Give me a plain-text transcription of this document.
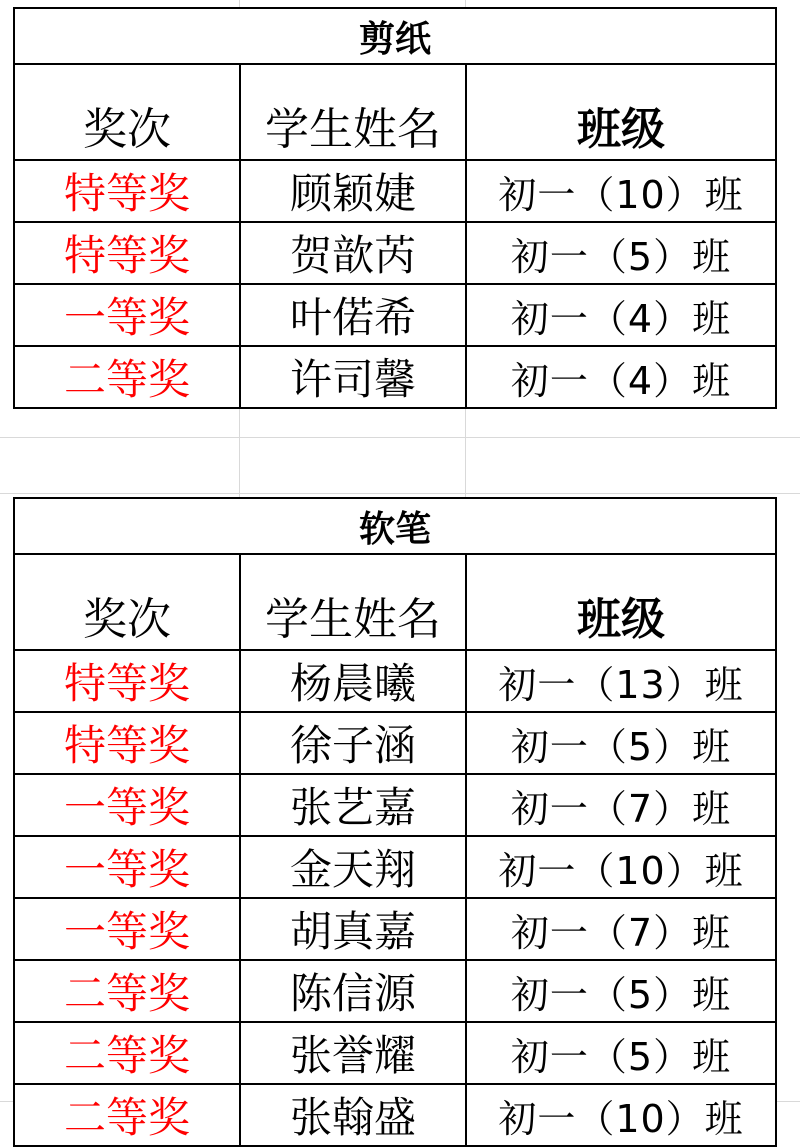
剪纸		
奖次	学生姓名	班级
特等奖	顾颖婕	初一（10）班
特等奖	贺歆芮	初一（5）班
一等奖	叶偌希	初一（4）班
二等奖	许司馨	初一（4）班
软笔		
奖次	学生姓名	班级
特等奖	杨晨曦	初一（13）班
特等奖	徐子涵	初一（5）班
一等奖	张艺嘉	初一（7）班
一等奖	金天翔	初一（10）班
一等奖	胡真嘉	初一（7）班
二等奖	陈信源	初一（5）班
二等奖	张誉耀	初一（5）班
二等奖	张翰盛	初一（10）班
